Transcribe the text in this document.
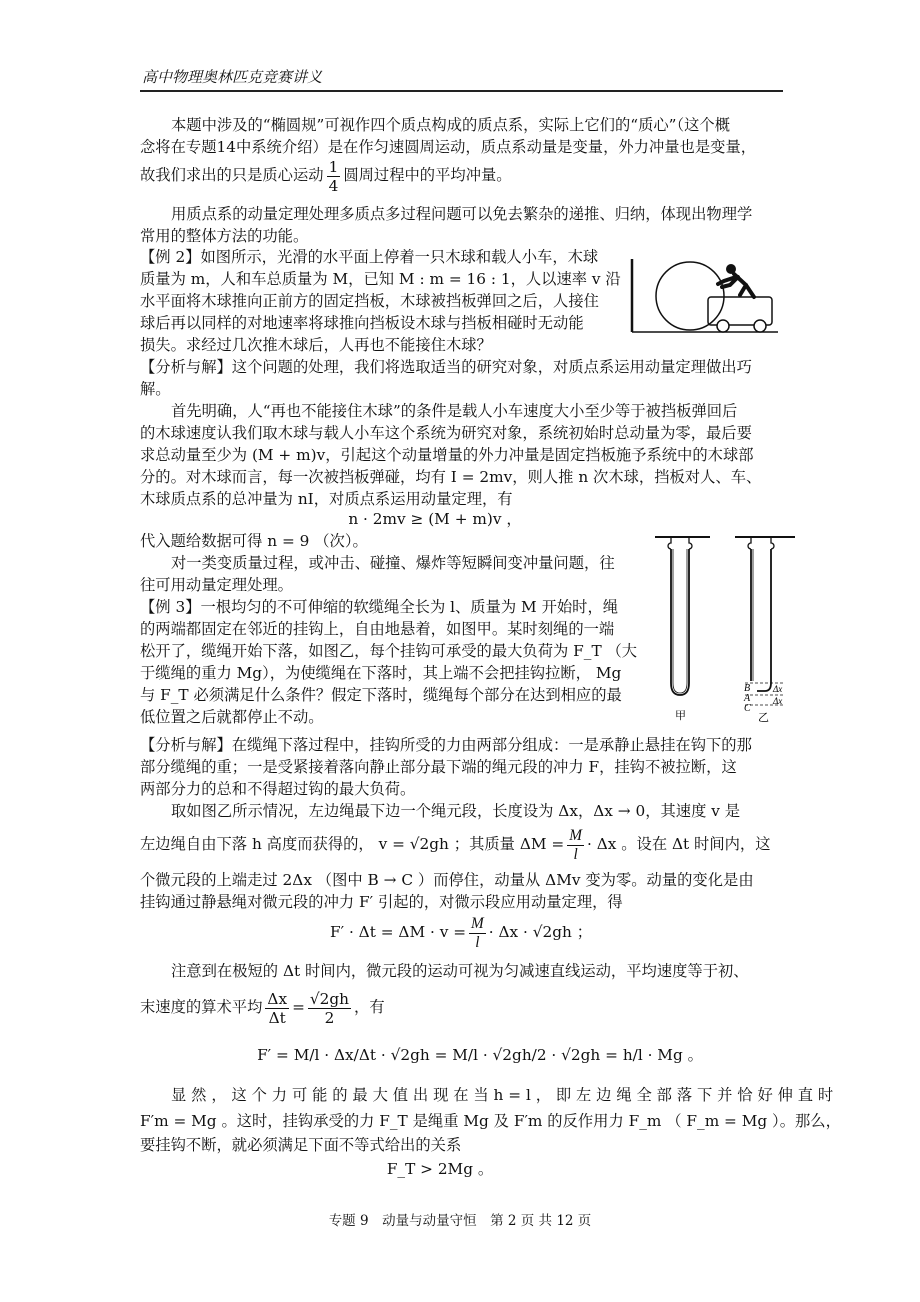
高中物理奥林匹克竞赛讲义
本题中涉及的“椭圆规”可视作四个质点构成的质点系，实际上它们的“质心”（这个概
念将在专题14中系统介绍）是在作匀速圆周运动，质点系动量是变量，外力冲量也是变量，
故我们求出的只是质心运动 $\frac{1}{4}$ 圆周过程中的平均冲量。
用质点系的动量定理处理多质点多过程问题可以免去繁杂的递推、归纳，体现出物理学
常用的整体方法的功能。
【例 2】如图所示，光滑的水平面上停着一只木球和载人小车，木球
质量为 m，人和车总质量为 M，已知 M : m = 16 : 1，人以速率 v 沿
水平面将木球推向正前方的固定挡板，木球被挡板弹回之后，人接住
球后再以同样的对地速率将球推向挡板设木球与挡板相碰时无动能
损失。求经过几次推木球后，人再也不能接住木球？
【分析与解】这个问题的处理，我们将选取适当的研究对象，对质点系运用动量定理做出巧
解。
首先明确，人“再也不能接住木球”的条件是载人小车速度大小至少等于被挡板弹回后
的木球速度认我们取木球与载人小车这个系统为研究对象，系统初始时总动量为零，最后要
求总动量至少为 (M + m)v，引起这个动量增量的外力冲量是固定挡板施予系统中的木球部
分的。对木球而言，每一次被挡板弹碰，均有 I = 2mv，则人推 n 次木球，挡板对人、车、
木球质点系的总冲量为 nI，对质点系运用动量定理，有
n · 2mv ≥ (M + m)v ，
代入题给数据可得 n = 9 （次）。
对一类变质量过程，或冲击、碰撞、爆炸等短瞬间变冲量问题，往
往可用动量定理处理。
【例 3】一根均匀的不可伸缩的软缆绳全长为 l、质量为 M 开始时，绳
的两端都固定在邻近的挂钩上，自由地悬着，如图甲。某时刻绳的一端
松开了，缆绳开始下落，如图乙，每个挂钩可承受的最大负荷为 F_T （大
于缆绳的重力 Mg），为使缆绳在下落时，其上端不会把挂钩拉断， Mg
与 F_T 必须满足什么条件？假定下落时，缆绳每个部分在达到相应的最
低位置之后就都停止不动。	甲
B
A
C
Δx
Δx
乙
【分析与解】在缆绳下落过程中，挂钩所受的力由两部分组成：一是承静止悬挂在钩下的那
部分缆绳的重；一是受紧接着落向静止部分最下端的绳元段的冲力 F，挂钩不被拉断，这
两部分力的总和不得超过钩的最大负荷。
取如图乙所示情况，左边绳最下边一个绳元段，长度设为 Δx，Δx → 0，其速度 v 是
左边绳自由下落 h 高度而获得的， v = √2gh ；其质量 $\Delta M = \frac{M}{l} \cdot \Delta x$ 。设在 Δt 时间内，这
个微元段的上端走过 2Δx （图中 B → C ）而停住，动量从 ΔMv 变为零。动量的变化是由
挂钩通过静悬绳对微元段的冲力 F′ 引起的，对微示段应用动量定理，得
$F' \cdot \Delta t = \Delta M \cdot v = \frac{M}{l} \cdot \Delta x \cdot √2gh$ ；
注意到在极短的 Δt 时间内，微元段的运动可视为匀减速直线运动，平均速度等于初、
末速度的算术平均 $\frac{\Delta x}{\Delta t} = \frac{√2gh}{2}$ ，有
F′ = M/l · Δx/Δt · √2gh = M/l · √2gh/2 · √2gh = h/l · Mg 。
显 然 ， 这 个 力 可 能 的 最 大 值 出 现 在 当 h = l ， 即 左 边 绳 全 部 落 下 并 恰 好 伸 直 时
F′m = Mg 。这时，挂钩承受的力 F_T 是绳重 Mg 及 F′m 的反作用力 F_m （ F_m = Mg ）。那么，
要挂钩不断，就必须满足下面不等式给出的关系
F_T > 2Mg 。
专题 9　动量与动量守恒　第 2 页 共 12 页
